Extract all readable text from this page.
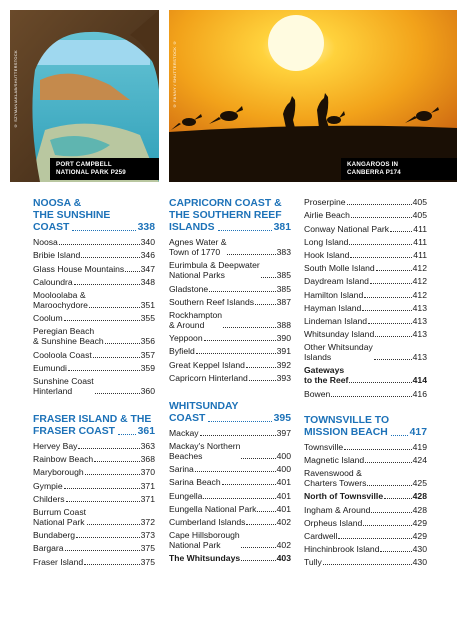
© SZYMANIAKLAB/SHUTTERSTOCK
PORT CAMPBELL
NATIONAL PARK P259
© FANNY / SHUTTERSTOCK ©
KANGAROOS IN
CANBERRA P174
NOOSA &
THE SUNSHINE
COAST	338
Noosa	340
Bribie Island	346
Glass House Mountains 347
Caloundra	348
Mooloolaba &
Maroochydore	351
Coolum	355
Peregian Beach
& Sunshine Beach	356
Cooloola Coast	357
Eumundi	359
Sunshine Coast
Hinterland	360
FRASER ISLAND & THE
FRASER COAST 361
Hervey Bay	363
Rainbow Beach	368
Maryborough	370
Gympie	371
Childers	371
Burrum Coast
National Park	372
Bundaberg	373
Bargara	375
Fraser Island	375
CAPRICORN COAST &
THE SOUTHERN REEF
ISLANDS	381
Agnes Water &
Town of 1770	383
Eurimbula & Deepwater
National Parks	385
Gladstone	385
Southern Reef Islands	387
Rockhampton
& Around	388
Yeppoon	390
Byfield	391
Great Keppel Island	392
Capricorn Hinterland	393
WHITSUNDAY
COAST	395
Mackay	397
Mackay's Northern
Beaches	400
Sarina	400
Sarina Beach	401
Eungella	401
Eungella National Park 401
Cumberland Islands	402
Cape Hillsborough
National Park	402
The Whitsundays	403
Proserpine	405
Airlie Beach	405
Conway National Park	411
Long Island	411
Hook Island	411
South Molle Island	412
Daydream Island	412
Hamilton Island	412
Hayman Island	413
Lindeman Island	413
Whitsunday Island	413
Other Whitsunday
Islands	413
Gateways
to the Reef	414
Bowen	416
TOWNSVILLE TO
MISSION BEACH 417
Townsville	419
Magnetic Island	424
Ravenswood &
Charters Towers	425
North of Townsville	428
Ingham & Around	428
Orpheus Island	429
Cardwell	429
Hinchinbrook Island	430
Tully	430
